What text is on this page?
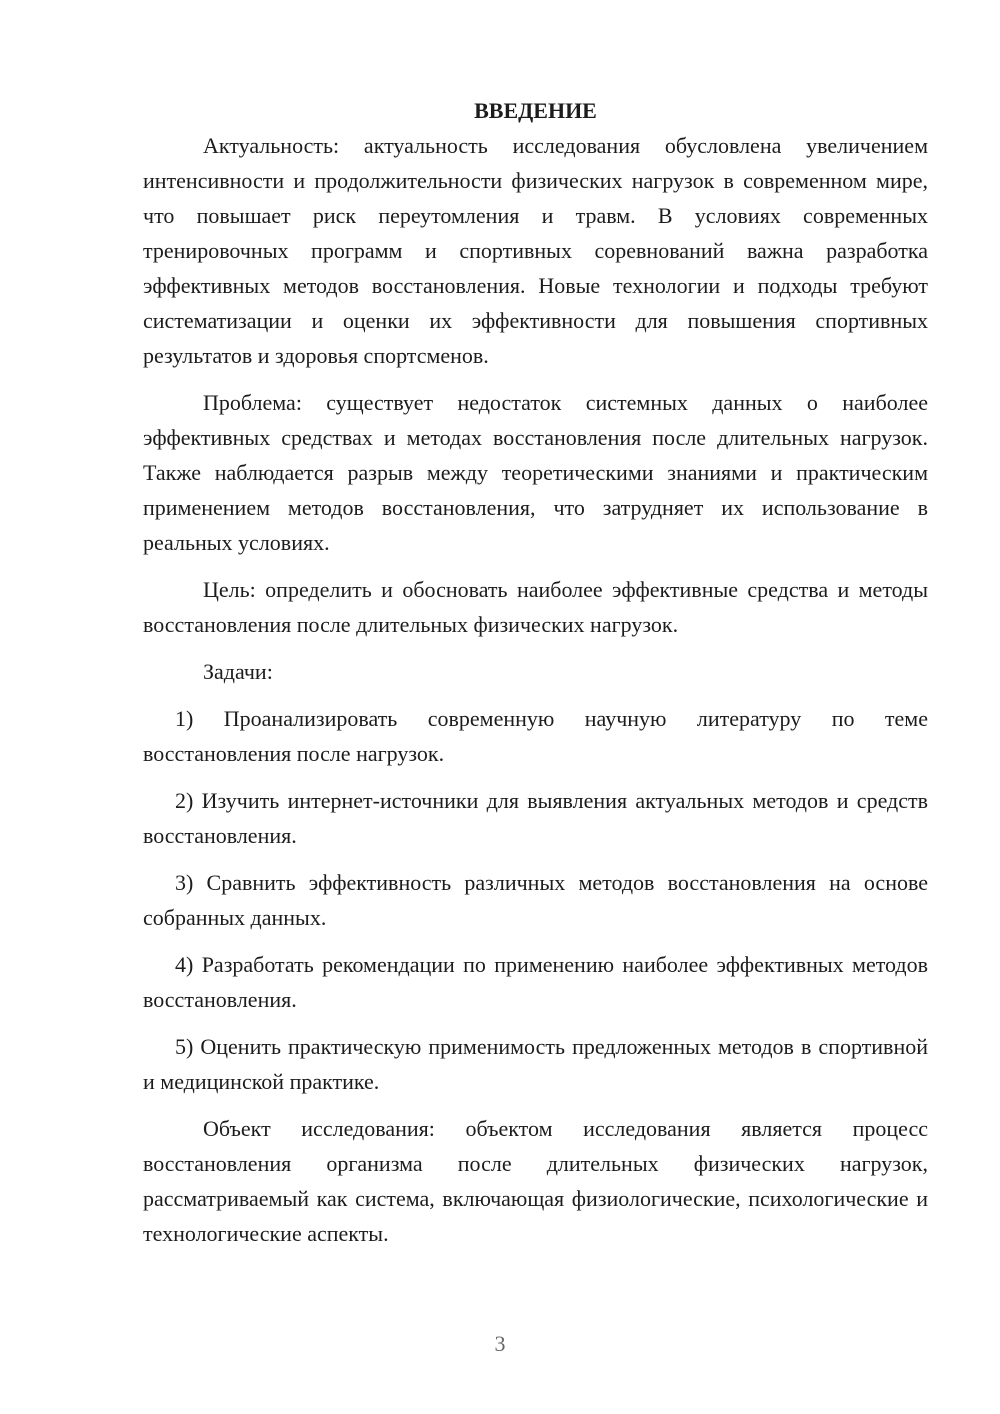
ВВЕДЕНИЕ

Актуальность: актуальность исследования обусловлена увеличением интенсивности и продолжительности физических нагрузок в современном мире, что повышает риск переутомления и травм. В условиях современных тренировочных программ и спортивных соревнований важна разработка эффективных методов восстановления. Новые технологии и подходы требуют систематизации и оценки их эффективности для повышения спортивных результатов и здоровья спортсменов.

Проблема: существует недостаток системных данных о наиболее эффективных средствах и методах восстановления после длительных нагрузок. Также наблюдается разрыв между теоретическими знаниями и практическим применением методов восстановления, что затрудняет их использование в реальных условиях.

Цель: определить и обосновать наиболее эффективные средства и методы восстановления после длительных физических нагрузок.

Задачи:

1) Проанализировать современную научную литературу по теме восстановления после нагрузок.

2) Изучить интернет-источники для выявления актуальных методов и средств восстановления.

3) Сравнить эффективность различных методов восстановления на основе собранных данных.

4) Разработать рекомендации по применению наиболее эффективных методов восстановления.

5) Оценить практическую применимость предложенных методов в спортивной и медицинской практике.

Объект исследования: объектом исследования является процесс восстановления организма после длительных физических нагрузок, рассматриваемый как система, включающая физиологические, психологические и технологические аспекты.

3
